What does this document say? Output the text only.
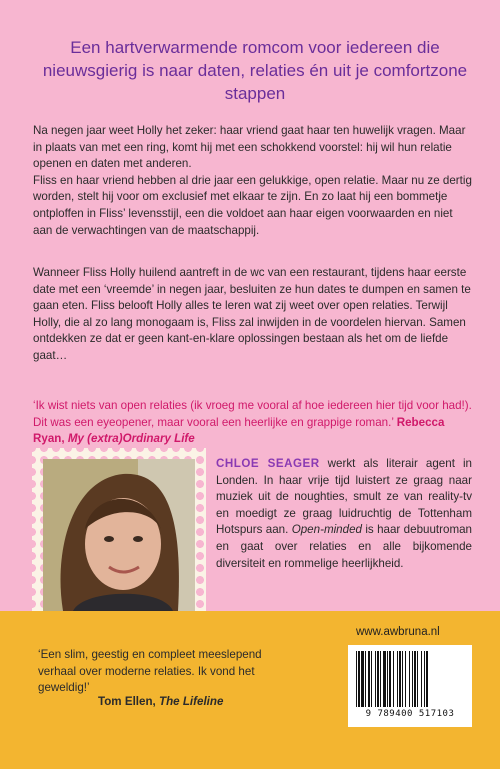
Een hartverwarmende romcom voor iedereen die nieuwsgierig is naar daten, relaties én uit je comfortzone stappen
Na negen jaar weet Holly het zeker: haar vriend gaat haar ten huwelijk vragen. Maar in plaats van met een ring, komt hij met een schokkend voorstel: hij wil hun relatie openen en daten met anderen.
Fliss en haar vriend hebben al drie jaar een gelukkige, open relatie. Maar nu ze dertig worden, stelt hij voor om exclusief met elkaar te zijn. En zo laat hij een bommetje ontploffen in Fliss’ levensstijl, een die voldoet aan haar eigen voorwaarden en niet aan de verwachtingen van de maatschappij.
Wanneer Fliss Holly huilend aantreft in de wc van een restaurant, tijdens haar eerste date met een ‘vreemde’ in negen jaar, besluiten ze hun dates te dumpen en samen te gaan eten. Fliss belooft Holly alles te leren wat zij weet over open relaties. Terwijl Holly, die al zo lang monogaam is, Fliss zal inwijden in de voordelen hiervan. Samen ontdekken ze dat er geen kant-en-klare oplossingen bestaan als het om de liefde gaat…
‘Ik wist niets van open relaties (ik vroeg me vooral af hoe iedereen hier tijd voor had!). Dit was een eyeopener, maar vooral een heerlijke en grappige roman.’ Rebecca Ryan, My (extra)Ordinary Life
CHLOE SEAGER werkt als literair agent in Londen. In haar vrije tijd luistert ze graag naar muziek uit de noughties, smult ze van reality-tv en moedigt ze graag luidruchtig de Tottenham Hotspurs aan. Open-minded is haar debuutroman en gaat over relaties en alle bijkomende diversiteit en rommelige heerlijkheid.
www.awbruna.nl
9 789400 517103
‘Een slim, geestig en compleet meeslepend verhaal over moderne relaties. Ik vond het geweldig!’
Tom Ellen, The Lifeline
